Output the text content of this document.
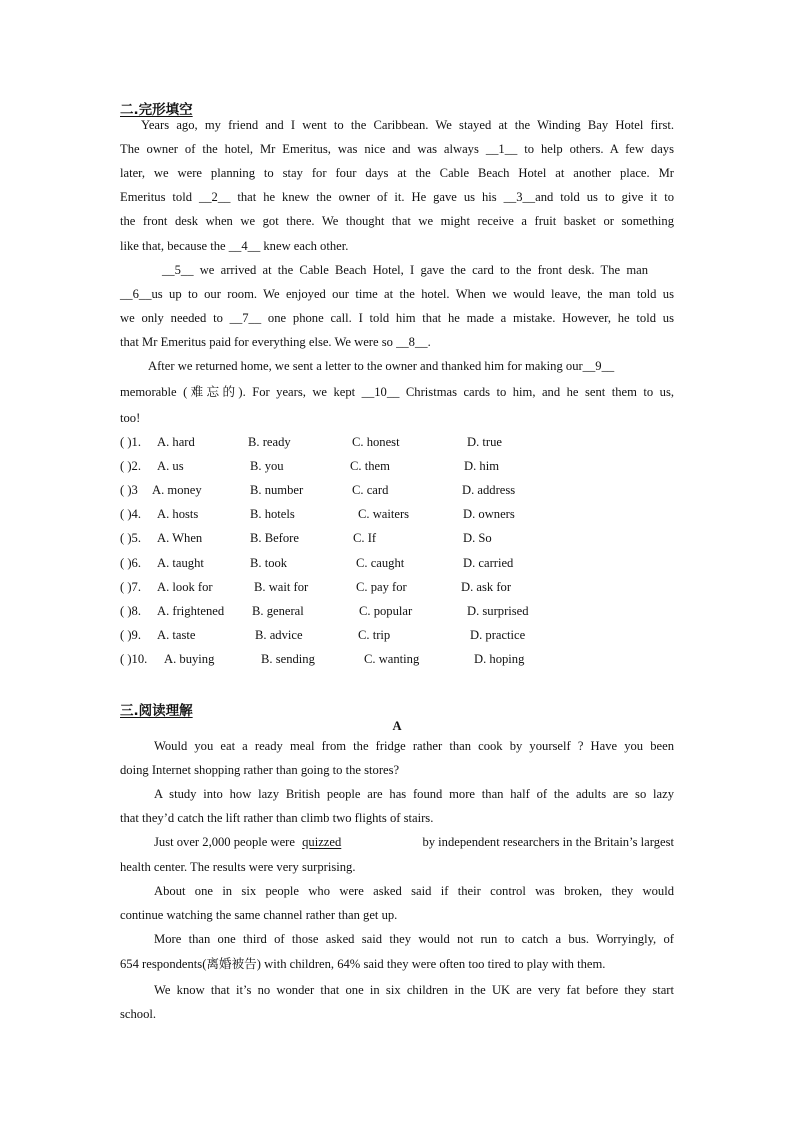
二.完形填空
Years ago, my friend and I went to the Caribbean. We stayed at the Winding Bay Hotel first.
The owner of the hotel, Mr Emeritus, was nice and was always __1__ to help others. A few days
later, we were planning to stay for four days at the Cable Beach Hotel at another place. Mr
Emeritus told __2__ that he knew the owner of it. He gave us his __3__and told us to give it to
the front desk when we got there. We thought that we might receive a fruit basket or something
like that, because the __4__ knew each other.
__5__ we arrived at the Cable Beach Hotel, I gave the card to the front desk. The man
__6__us up to our room. We enjoyed our time at the hotel. When we would leave, the man told us
we only needed to __7__ one phone call. I told him that he made a mistake. However, he told us
that Mr Emeritus paid for everything else. We were so __8__.
After we returned home, we sent a letter to the owner and thanked him for making our__9__
memorable (难忘的). For years, we kept __10__ Christmas cards to him, and he sent them to us,
too!
( )1. A. hard	B. ready	C. honest	D. true
( )2. A. us	B. you	C. them	D. him
( )3 A. money	B. number	C. card	D. address
( )4. A. hosts	B. hotels	C. waiters	D. owners
( )5. A. When	B. Before	C. If	D. So
( )6. A. taught	B. took	C. caught	D. carried
( )7. A. look for	B. wait for	C. pay for	D. ask for
( )8. A. frightened B. general	C. popular	D. surprised
( )9. A. taste	B. advice	C. trip	D. practice
( )10. A. buying	B. sending	C. wanting	D. hoping
三.阅读理解
A
Would you eat a ready meal from the fridge rather than cook by yourself ? Have you been
doing Internet shopping rather than going to the stores?
A study into how lazy British people are has found more than half of the adults are so lazy
that they’d catch the lift rather than climb two flights of stairs.
Just over 2,000 people were quizzed	by independent researchers in the Britain’s largest
health center. The results were very surprising.
About one in six people who were asked said if their control was broken, they would
continue watching the same channel rather than get up.
More than one third of those asked said they would not run to catch a bus. Worryingly, of
654 respondents(离婚被告) with children, 64% said they were often too tired to play with them.
We know that it’s no wonder that one in six children in the UK are very fat before they start
school.
